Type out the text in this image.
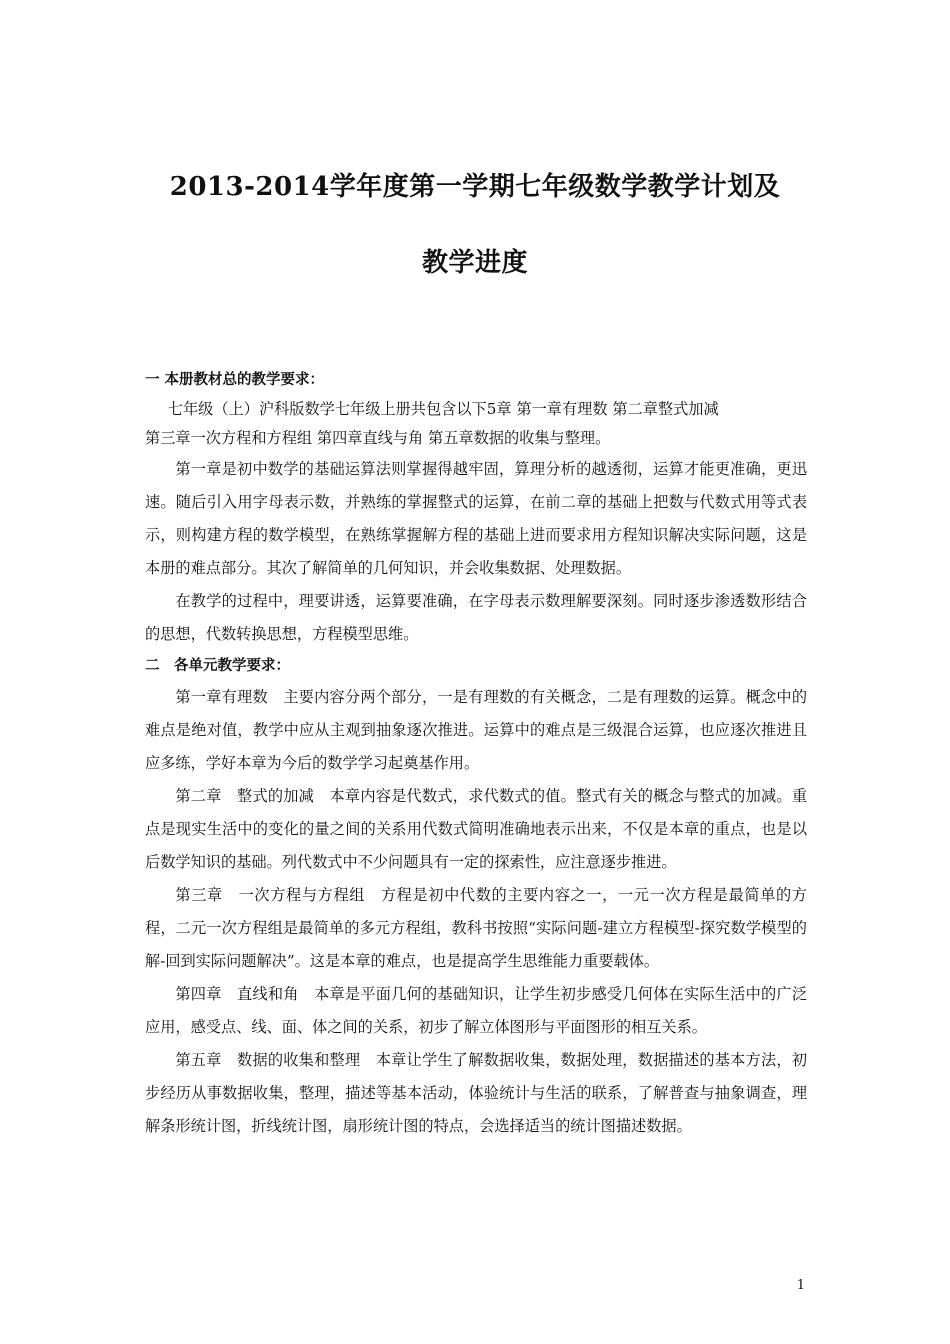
2013-2014学年度第一学期七年级数学教学计划及
教学进度

一 本册教材总的教学要求：

七年级（上）沪科版数学七年级上册共包含以下5章 第一章有理数 第二章整式加减

第三章一次方程和方程组 第四章直线与角 第五章数据的收集与整理。

第一章是初中数学的基础运算法则掌握得越牢固，算理分析的越透彻，运算才能更准确，更迅速。随后引入用字母表示数，并熟练的掌握整式的运算，在前二章的基础上把数与代数式用等式表示，则构建方程的数学模型，在熟练掌握解方程的基础上进而要求用方程知识解决实际问题，这是本册的难点部分。其次了解简单的几何知识，并会收集数据、处理数据。

在教学的过程中，理要讲透，运算要准确，在字母表示数理解要深刻。同时逐步渗透数形结合的思想，代数转换思想，方程模型思维。

二　各单元教学要求：

第一章有理数　主要内容分两个部分，一是有理数的有关概念，二是有理数的运算。概念中的难点是绝对值，教学中应从主观到抽象逐次推进。运算中的难点是三级混合运算，也应逐次推进且应多练，学好本章为今后的数学学习起奠基作用。

第二章　整式的加减　本章内容是代数式，求代数式的值。整式有关的概念与整式的加减。重点是现实生活中的变化的量之间的关系用代数式简明准确地表示出来，不仅是本章的重点，也是以后数学知识的基础。列代数式中不少问题具有一定的探索性，应注意逐步推进。

第三章　一次方程与方程组　方程是初中代数的主要内容之一，一元一次方程是最简单的方程，二元一次方程组是最简单的多元方程组，教科书按照“实际问题-建立方程模型-探究数学模型的解-回到实际问题解决”。这是本章的难点，也是提高学生思维能力重要载体。

第四章　直线和角　本章是平面几何的基础知识，让学生初步感受几何体在实际生活中的广泛应用，感受点、线、面、体之间的关系，初步了解立体图形与平面图形的相互关系。

第五章　数据的收集和整理　本章让学生了解数据收集，数据处理，数据描述的基本方法，初步经历从事数据收集，整理，描述等基本活动，体验统计与生活的联系，了解普查与抽象调查，理解条形统计图，折线统计图，扇形统计图的特点，会选择适当的统计图描述数据。

1
